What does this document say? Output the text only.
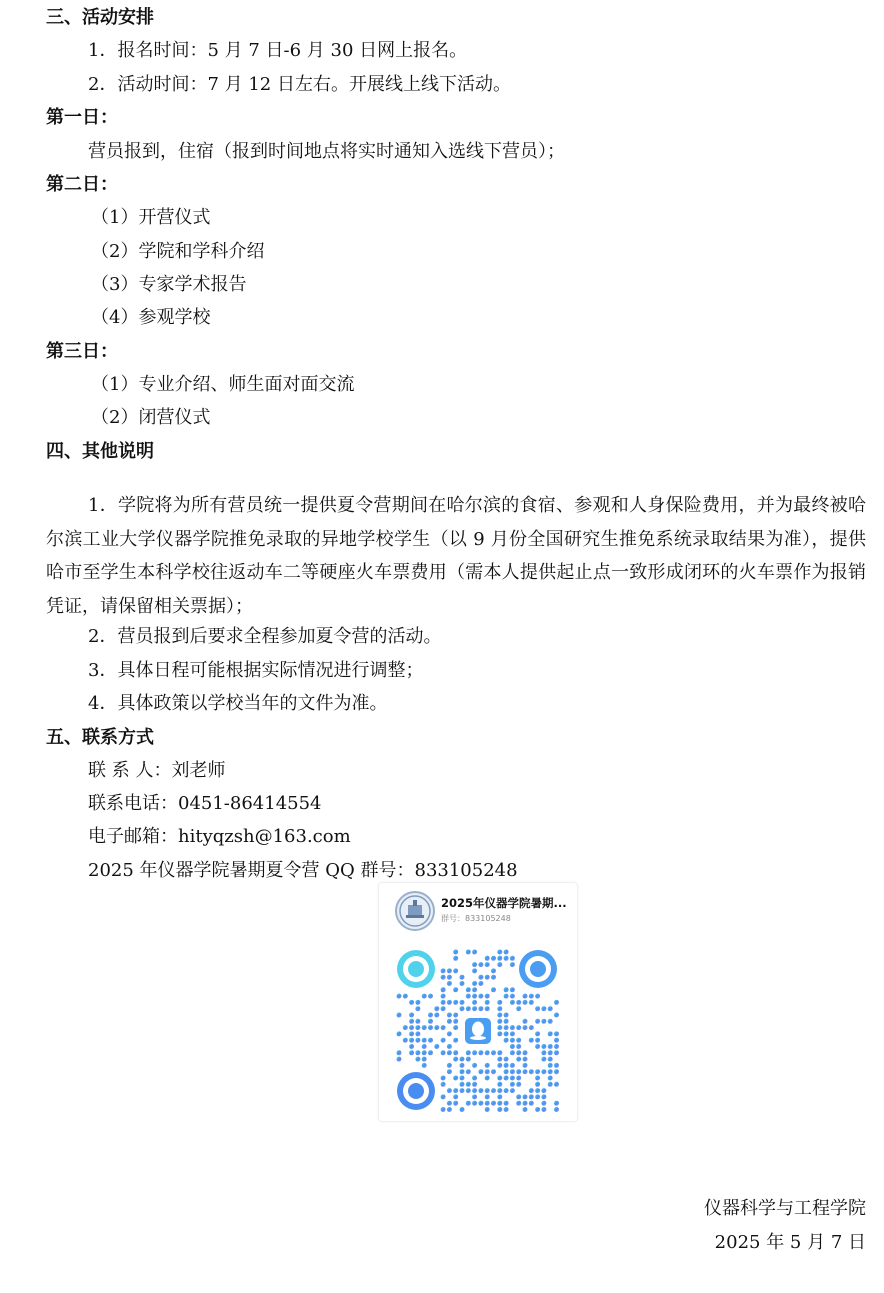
三、活动安排
1．报名时间：5 月 7 日-6 月 30 日网上报名。
2．活动时间：7 月 12 日左右。开展线上线下活动。
第一日：
营员报到，住宿（报到时间地点将实时通知入选线下营员）；
第二日：
（1）开营仪式
（2）学院和学科介绍
（3）专家学术报告
（4）参观学校
第三日：
（1）专业介绍、师生面对面交流
（2）闭营仪式
四、其他说明
1．学院将为所有营员统一提供夏令营期间在哈尔滨的食宿、参观和人身保险费用，并为最终被哈尔滨工业大学仪器学院推免录取的异地学校学生（以 9 月份全国研究生推免系统录取结果为准），提供哈市至学生本科学校往返动车二等硬座火车票费用（需本人提供起止点一致形成闭环的火车票作为报销凭证，请保留相关票据）；
2．营员报到后要求全程参加夏令营的活动。
3．具体日程可能根据实际情况进行调整；
4．具体政策以学校当年的文件为准。
五、联系方式
联 系 人：刘老师
联系电话：0451-86414554
电子邮箱：hityqzsh@163.com
2025 年仪器学院暑期夏令营 QQ 群号：833105248
2025年仪器学院暑期...
群号：833105248
仪器科学与工程学院
2025 年 5 月 7 日
